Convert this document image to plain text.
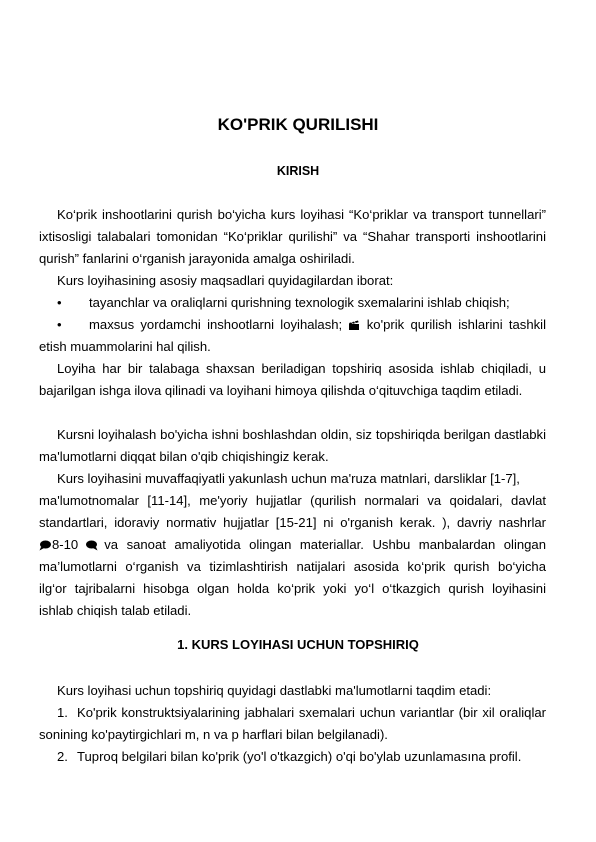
KO'PRIK QURILISHI
KIRISH
Ko‘prik inshootlarini qurish bo‘yicha kurs loyihasi “Ko‘priklar va transport tunnellari” ixtisosligi talabalari tomonidan “Ko‘priklar qurilishi” va “Shahar transporti inshootlarini qurish” fanlarini o‘rganish jarayonida amalga oshiriladi.
Kurs loyihasining asosiy maqsadlari quyidagilardan iborat:
• tayanchlar va oraliqlarni qurishning texnologik sxemalarini ishlab chiqish;
• maxsus yordamchi inshootlarni loyihalash; ko'prik qurilish ishlarini tashkil etish muammolarini hal qilish.
Loyiha har bir talabaga shaxsan beriladigan topshiriq asosida ishlab chiqiladi, u bajarilgan ishga ilova qilinadi va loyihani himoya qilishda o‘qituvchiga taqdim etiladi.
Kursni loyihalash bo'yicha ishni boshlashdan oldin, siz topshiriqda berilgan dastlabki ma'lumotlarni diqqat bilan o'qib chiqishingiz kerak.
Kurs loyihasini muvaffaqiyatli yakunlash uchun ma'ruza matnlari, darsliklar [1-7],
ma'lumotnomalar [11-14], me'yoriy hujjatlar (qurilish normalari va qoidalari, davlat
standartlari, idoraviy normativ hujjatlar [15-21] ni o'rganish kerak. ), davriy nashrlar
8-10 va sanoat amaliyotida olingan materiallar. Ushbu manbalardan olingan
ma’lumotlarni o‘rganish va tizimlashtirish natijalari asosida ko‘prik qurish bo‘yicha
ilg‘or tajribalarni hisobga olgan holda ko‘prik yoki yo‘l o‘tkazgich qurish loyihasini
ishlab chiqish talab etiladi.
1. KURS LOYIHASI UCHUN TOPSHIRIQ
Kurs loyihasi uchun topshiriq quyidagi dastlabki ma'lumotlarni taqdim etadi:
1. Ko'prik konstruktsiyalarining jabhalari sxemalari uchun variantlar (bir xil oraliqlar sonining ko'paytirgichlari m, n va p harflari bilan belgilanadi).
2. Tuproq belgilari bilan ko'prik (yo'l o'tkazgich) o'qi bo'ylab uzunlamasına profil.
